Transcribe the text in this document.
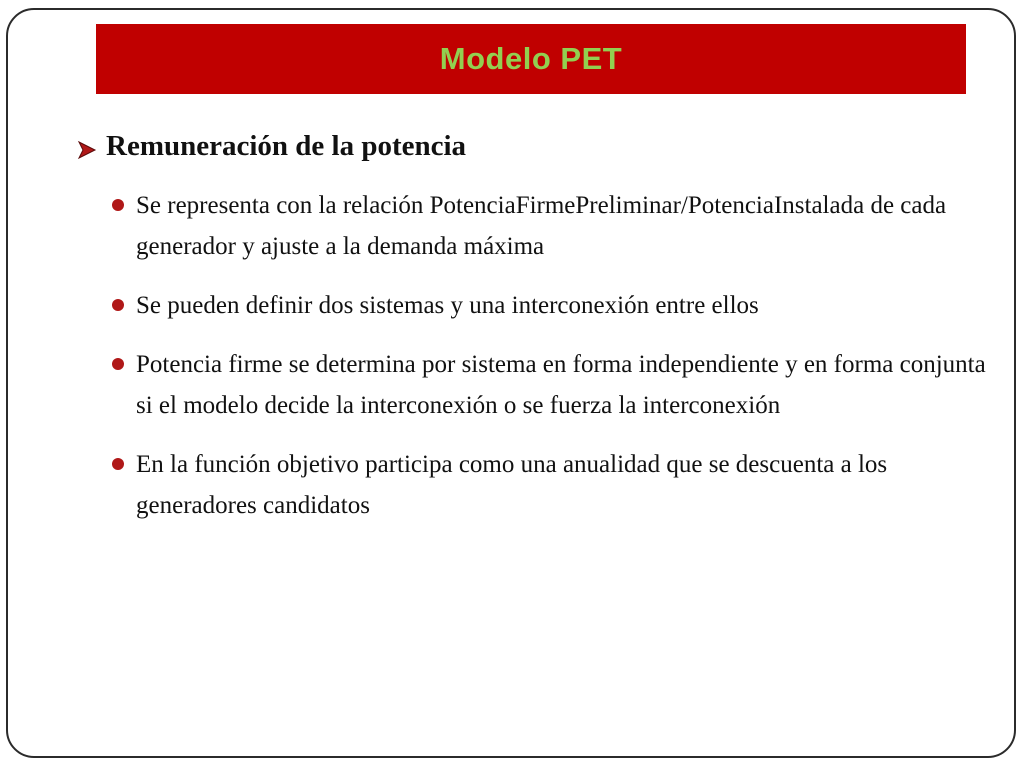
Modelo PET
Remuneración de la potencia
Se representa con la relación PotenciaFirmePreliminar/PotenciaInstalada de cada generador y ajuste a la demanda máxima
Se pueden definir dos sistemas y una interconexión entre ellos
Potencia firme se determina por sistema en forma independiente y en forma conjunta si el modelo decide la interconexión o se fuerza la interconexión
En la función objetivo participa como una anualidad que se descuenta a los generadores candidatos
